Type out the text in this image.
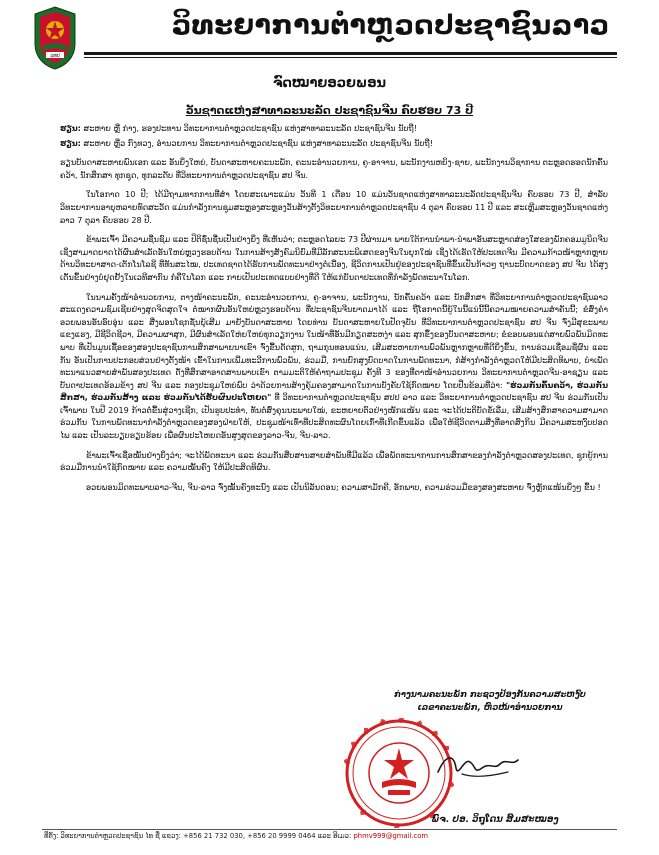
ວທປ
ວິທະຍາການຕຳຫຼວດປະຊາຊົນລາວ
ຈົດໝາຍອວຍພອນ
ວັນຊາດແຫ່ງສາທາລະນະລັດ ປະຊາຊົນຈີນ ຄົບຮອບ 73 ປີ

ຮຽນ: ສະຫາຍ ຫຼີ່ ກ່າງ, ຮອງປະທານ ວິທະຍາການຕຳຫຼວດປະຊາຊົນ ແຫ່ງສາທາລະນະລັດ ປະຊາຊົນຈີນ ນັບຖື!

ຮຽນ: ສະຫາຍ ຫຼີ່ວ ກົງທວງ, ອຳນວຍການ ວິທະຍາການຕຳຫຼວດປະຊາຊົນ ແຫ່ງສາທາລະນະລັດ ປະຊາຊົນຈີນ ນັບຖື!

ຮຽນບັນດາສະຫາຍພົນເອກ ແລະ ອັນຍິ່ງໃຫຍ່, ບັນດາສະຫາຍຄະນະພັກ, ຄະນະອຳນວຍການ, ຄູ-ອາຈານ, ພະນັກງານຫຍິງ-ຊາຍ, ພະນັກງານວິຊາການ ຕະຫຼອດຮອດນັກຄົ້ນຄວ້າ, ນັກສຶກສາ ທຸກຊຸດ, ທຸກລະດັບ ທີ່ວິທະຍາການຕຳຫຼວດປະຊາຊົນ ສປ ຈີນ.

ໃນໂອກາດ 10 ປີ; ໄດ້ມີຖາມທາກການທີ່ສຳ ໂດຍສະເພາະແມ່ນ ວັນທີ 1 ເດືອນ 10 ແມ່ນວັນຊາດແຫ່ງສາທາລະນະລັດປະຊາຊົນຈີນ ຄົບຮອບ 73 ປີ, ສຳລັບວິທະຍາການອາຍຸຫລາຍທົດສະວັດ ແມ່ນກຳລັງການຊຸມສະຫຼອງສະຫຼອງວັນສ້າງຕັ້ງວິທະຍາການຕຳຫຼວດປະຊາຊົນ 4 ຕຸລາ ຄົບຮອບ 11 ປີ ແລະ ສະເຫຼີມສະຫຼອງວັນຊາດແຫ່ງລາວ 7 ຕຸລາ ຄົບຮອບ 28 ປີ.

ຂ້າພະເຈົ້າ ມີຄວາມຊື່ນຊົມ ແລະ ປິຕິຊົ່ນຊື່ນເປັນຢ່າງຍິ່ງ ທີ່ເຫັນວ່າ; ຕະຫຼອດໄລຍະ 73 ປີຜ່ານມາ ພາຍໃຕ້ການນຳພາ-ນຳພາອັນສະຫຼາດສ່ອງໃສຂອງພັກຄອມມູນິດຈີນ ເຊິ່ງສາມາດຍາດໄດ້ຜົນສຳເລັດອັນໃຫຍ່ຫຼວງຮອບດ້ານ ໃນການສ້າງສັງຄົມນິຍົມທີ່ມີລັກສະນະພິເສດຂອງຈີນໃນຍຸກໃໝ່ ເຊິ່ງໄດ້ເຮັດໃຫ້ປະເທດຈີນ ມີຄວາມກ້າວໜ້າຫຼາກຫຼາຍດ້ານວິທະຍາສາດ-ເຕັກໂນໂລຊີ ທີ່ທັນສະໄໝ, ປະເທດຊາດໄດ້ຮັບການພັດທະນາຢ່າງຕໍ່ເນື່ອງ, ຊີວິດການເປັນຢູ່ຂອງປະຊາຊົນທີ່ຂຶ້ນເປັນກ້າວໆ ຖານະບົດບາດຂອງ ສປ ຈີນ ໄດ້ສູງເດັ່ນຂຶ້ນຢ່າງບໍ່ຢຸດຢັ້ງໃນເວທີສາກົນ ກໍຄືໃນໂລກ ແລະ ກາຍເປັນປະເທດແບບຢ່າງທີ່ດີ ໃຫ້ແກ່ບັນດາປະເທດທີ່ກຳລັງພັດທະນາໃນໂລກ.

ໃນນາມຄັ້ງໜ້າອຳນວຍການ, ຕາງໜ້າຄະນະພັກ, ຄະນະອຳນວຍການ, ຄູ-ອາຈານ, ພະນັກງານ, ນັກຄົ້ນຄວ້າ ແລະ ນັກສຶກສາ ທີ່ວິທະຍາການຕຳຫຼວດປະຊາຊົນລາວ ສະແດງຄວາມຊົມເຊີຍຢ່າງສຸດຈິດສຸດໃຈ ຕໍ່ໝາກຜົນອັນໃຫຍ່ຫຼວງຮອບດ້ານ ທີ່ປະຊາຊົນຈີນຍາດມາໄດ້ ແລະ ຖືໂອກາດນີ້ຍູ້ໃນນີ້ແນ່ນີ້ນີ້ຄວາມໝາຍຄວາມສຳຄັນນີ້; ຂໍສົ່ງຄຳອວຍພອນອັນອົບອຸ່ນ ແລະ ສີ່ງພອນໂຊກຊັ່ນຍຸ້ເສີມ ມາຍັງບັນດາສະຫາຍ ໂດຍທ່ານ ບັນດາສະຫາຍໃນປັດຈຸບັນ ທີ່ວິທະຍາການຕຳຫຼວດປະຊາຊົນ ສປ ຈີນ ຈົ່ງມີສຸຂະພາບແຂງແຮງ, ມີຊີວິດຊີວາ, ມີຄວາມຜາສຸກ, ມີຜົນສຳເລັດໃຫ່ຍໃຫຍ່ທຸກວຽກງານ ໃນໜ້າທີ່ອັນມີກຽດສະຫງ່າ ແລະ ສຸກຂຶ້ງຂອງບັນດາສະຫາຍ; ຂໍຂອບພອນແດ່ສາຍພົວພັນມິດທະພາບ ທີ່ເປັນມູນເຊື້ອຂອງສອງປະຊາຊົນການສຶກສາພາຍນາເຂົາ ຈົ່ງຂື້ນດັດສູກ, ຖາມກຸນທອນແນ່ນ, ເສີມສະຫາຍການພົວພັນຫຼາກຫຼາຍທີ່ດີຍິ່ງຂຶ້ນ, ການຮ່ວມເຊື່ອມຊີ່ຜົນ ແລະ ກັນ ອັນເປັນການປະກອບສ່ວນຢ່າງຕັ້ງໜ້າ ເຂົ້າໃນການເພີ່ມທະວີການພົວພັນ, ຮ່ວມມື, ການຍົກສູງບົດບາດໃນການພັດທະນາ, ກໍສ້າງກຳລັງຕໍາຫຼວດໃຫ້ມີປະສິດທິພາບ, ບຳເພັດທະນາແນວສາຍສຳພັນສອງປະເທດ ດັ່ງທີ່ສຶກສາອາດສານພາບເຂົາ ຕາມມະຕິໃຫ້ຄຳຖາມປະຊຸມ ຄັ້ງທີ 3 ຂອງທີ່ຕາໜ້າອຳນວຍການ ວິທະຍາການຕຳຫຼວດຈີນ-ອາຊຽນ ແລະ ບັນດາປະເທດອ້ອມຂ້າງ ສປ ຈີນ ແລະ ກອງປະຊຸມໃຫຍ່ພົບ ວ່າດ້ວຍການສ້າງຄຸ້ມຄອງສາມາດໃນການບັງຄັບໃຊ້ກົດໝາຍ ໂດຍປີ່ນຂ້ອມທີ່ວ່າ: "ຮ່ວມກັນຄົ້ນຄວ້າ, ຮ່ວມກັນສຶກສາ, ຮ່ວມກັນສ້າງ ແລະ ຮ່ວມກັນໄດ້ຮັບຜົນປະໂຫຍດ" ທີ່ ວິທະຍາການຕຳຫຼວດປະຊາຊົນ ສປປ ລາວ ແລະ ວິທະຍາການຕຳຫຼວດປະຊາຊົນ ສປ ຈີນ ຮ່ວມກັນເປັນເຈົ້າພາບ ໃນປີ 2019 ກ້າວຕໍ່ຂື້ນສູ່ວາງເຊີກ, ເປັນຮູບປະທຳ, ທັນຕໍ່ສົ່ງຄຸນນະພາບໃໝ່, ຂະຫຍາຍຕົວຢ່າງໜັກແໜ້ນ ແລະ ຈະໄດ້ປະຕິບັດຂໍ້ເລີ່ມ, ເສີມສ້າງສຶກສາຄວາມສາມາດຮ່ວມກັນ ໃນການພັດທະນາກຳລັງຕຳຫຼວດຂອງສອງຝ່າຍໃຫ້, ປະຊຸມໜ້າເທົ່າທີ່ປະສິດທະຜົນໂດຍເກົ່າທີ່ເກີດຂຶ້ນແລ້ວ ເພື່ອໃຫ້ຊີວິດຕາມສີ່ງທີ່ອາດສົງກິນ ມີຄວາມສະຫງົບປອດໄພ ແລະ ເປັນລະບຽບຮຽບຮ້ອຍ ເພື່ອຜົນປະໂຫຍດອັນສູງສຸດຂອງລາວ-ຈີນ, ຈີນ-ລາວ.

ຂ້າພະເຈົ້າເຊື່ອໝັ້ນຢ່າງຍິ່ງວ່າ; ຈະໄດ້ພັດທະນາ ແລະ ຮ່ວມກັນສືບສານສາຍສຳພັນທີ່ມີແລ້ວ ເພື່ອພັດທະນາການການສຶກສາຂອງກຳລັງຕຳຫຼວດສອງປະເທດ, ຊຸກຍູ້ການຮ່ວມມືການນຳໃຊ້ກົດໝາຍ ແລະ ຄວາມໝັ້ນຄົງ ໃຫ້ມີປະສິດທິຜົນ.

ອວຍພອນມິດທະພາບລາວ-ຈີນ, ຈີນ-ລາວ ຈົ່ງໝັ້ນຄົງທະນົງ ແລະ ເປັນນິລັນດອນ; ຄວາມສາມັກຄີ, ອັກພາບ, ຄວາມຮ່ວມມືຂອງສອງສະຫາຍ ຈົ່ງຫຼັກແໜ້ນຍິ່ງໆ ຂຶ້ນ !

ກ່າງນາມຄະນະພັກ ກະຊວງປ້ອງກັນຄວາມສະຫງົບ
ເລຂາຄະນະພັກ, ຫົວໜ້າອຳນວຍການ
ພົຈ. ປອ. ວິຖຸໂດນ ສົມສະໝອງ
ທີ່ຕັ້ງ: ວິທະຍາການຕຳຫຼວດປະຊາຊົນ ໄທ ຊື່ ແຂວງ: +856 21 732 030, +856 20 9999 0464 ແລະ ອີເມວ: phmv999@gmail.com
